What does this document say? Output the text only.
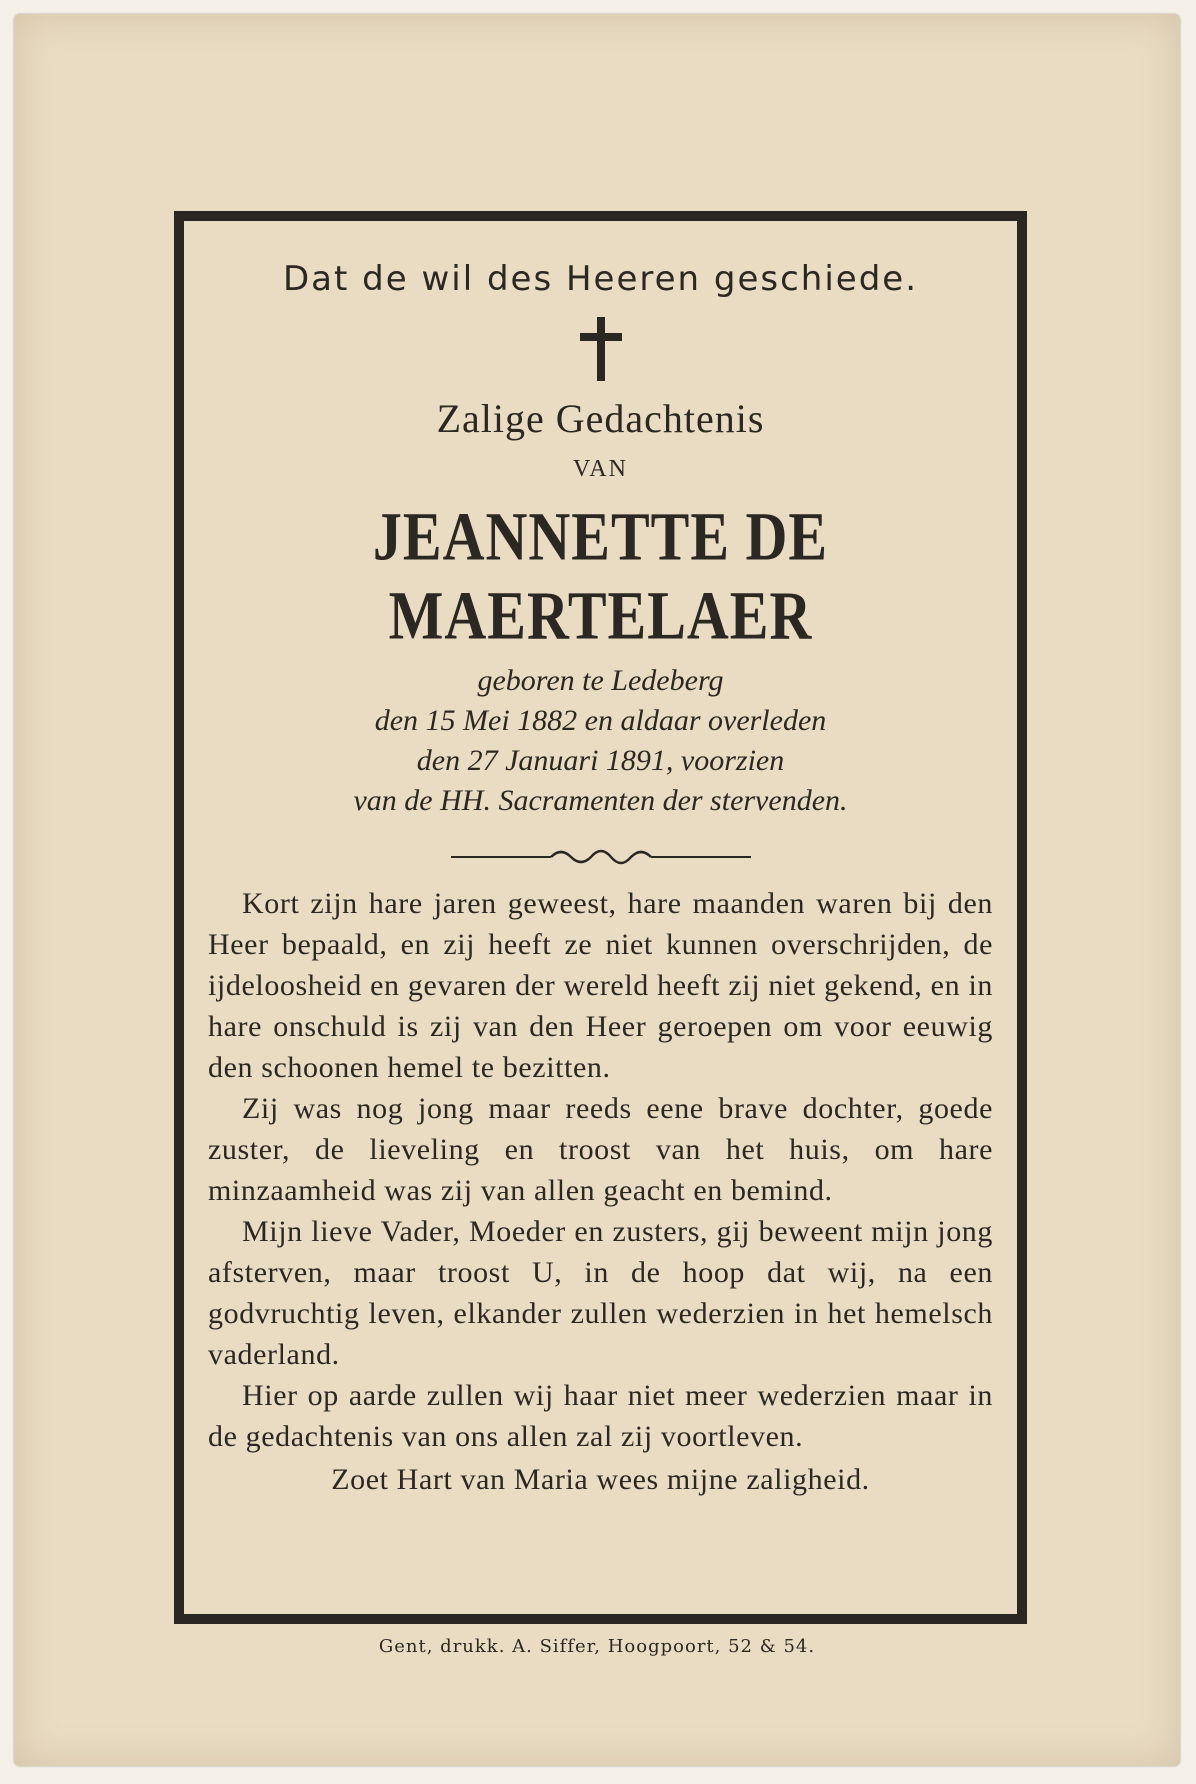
Dat de wil des Heeren geschiede.
Zalige Gedachtenis
VAN
JEANNETTE DE MAERTELAER
geboren te Ledeberg
den 15 Mei 1882 en aldaar overleden
den 27 Januari 1891, voorzien
van de HH. Sacramenten der stervenden.

Kort zijn hare jaren geweest, hare maanden waren bij den Heer bepaald, en zij heeft ze niet kunnen overschrijden, de ijdeloosheid en gevaren der wereld heeft zij niet gekend, en in hare onschuld is zij van den Heer geroepen om voor eeuwig den schoonen hemel te bezitten.

Zij was nog jong maar reeds eene brave dochter, goede zuster, de lieveling en troost van het huis, om hare minzaamheid was zij van allen geacht en bemind.

Mijn lieve Vader, Moeder en zusters, gij beweent mijn jong afsterven, maar troost U, in de hoop dat wij, na een godvruchtig leven, elkander zullen wederzien in het hemelsch vaderland.

Hier op aarde zullen wij haar niet meer wederzien maar in de gedachtenis van ons allen zal zij voortleven.

Zoet Hart van Maria wees mijne zaligheid.
Gent, drukk. A. Siffer, Hoogpoort, 52 & 54.
